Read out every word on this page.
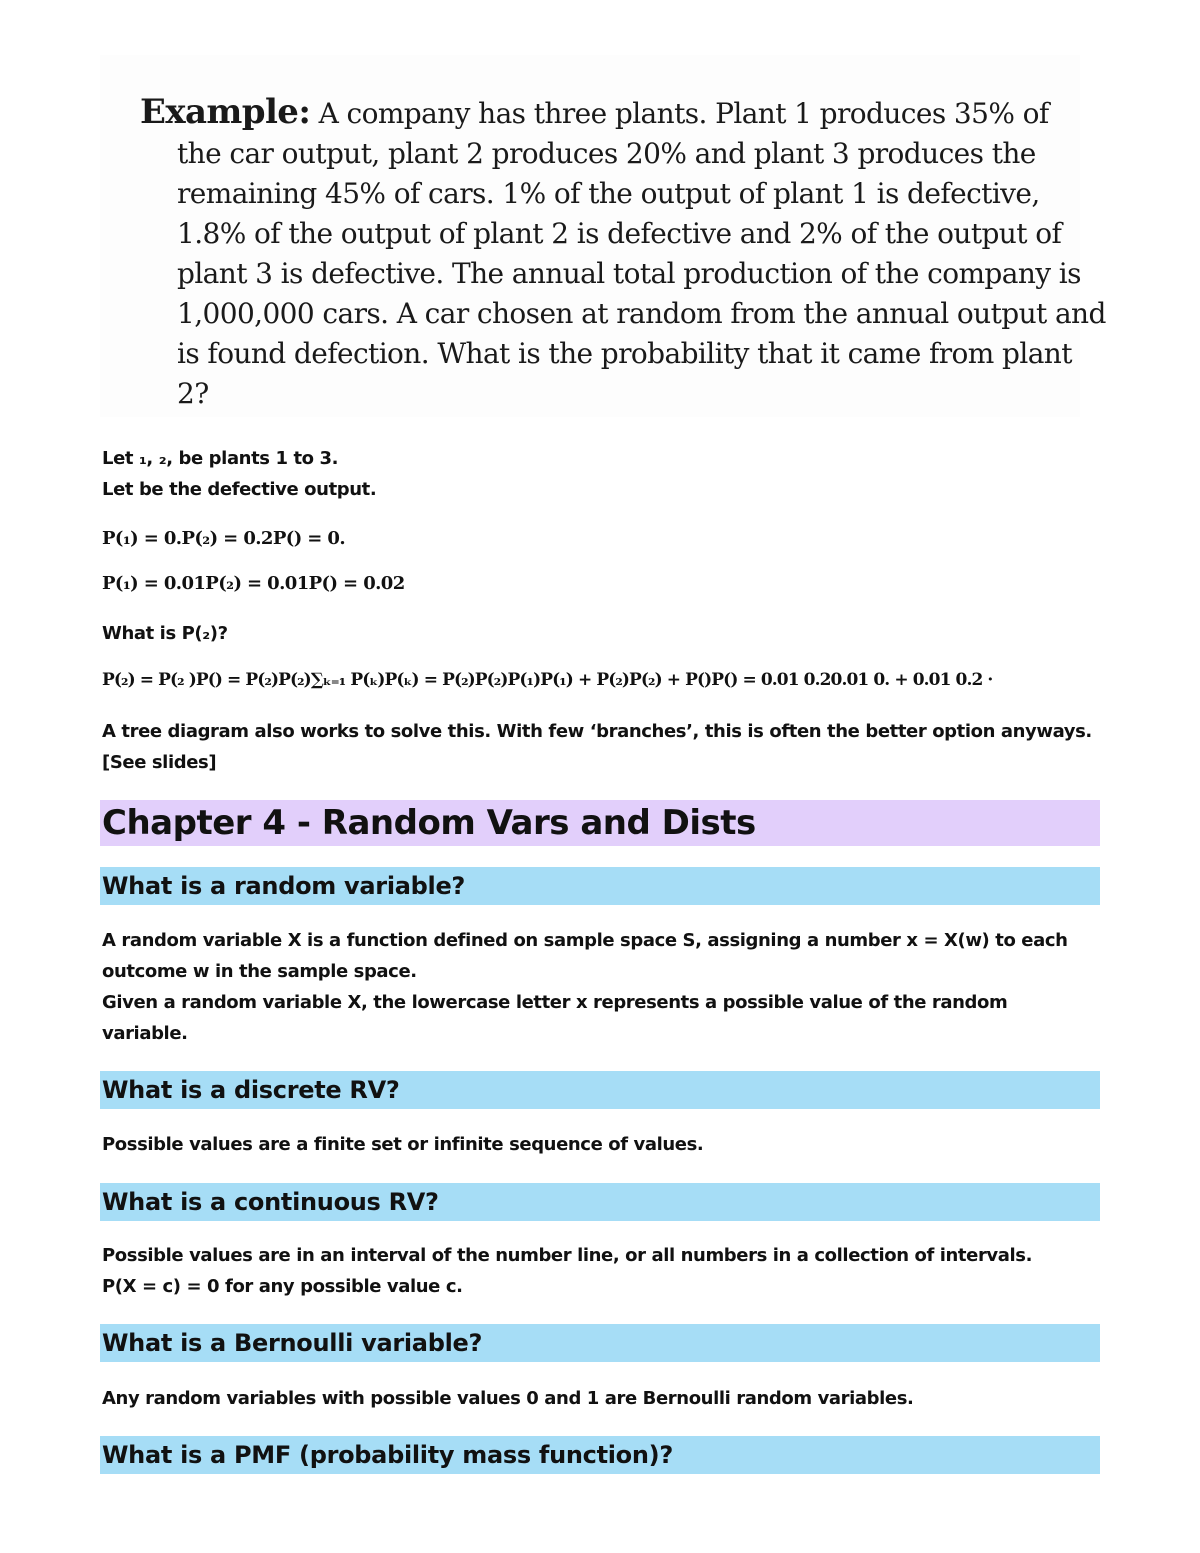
Example: A company has three plants. Plant 1 produces 35% of
the car output, plant 2 produces 20% and plant 3 produces the
remaining 45% of cars. 1% of the output of plant 1 is defective,
1.8% of the output of plant 2 is defective and 2% of the output of
plant 3 is defective. The annual total production of the company is
1,000,000 cars. A car chosen at random from the annual output and
is found defection. What is the probability that it came from plant
2?
Let ₁, ₂, be plants 1 to 3.
Let be the defective output.
P(₁) = 0.P(₂) = 0.2P() = 0.
P(₁) = 0.01P(₂) = 0.01P() = 0.02
What is P(₂)?
P(₂) = P(₂ )P() = P(₂)P(₂)∑ₖ₌₁ P(ₖ)P(ₖ) = P(₂)P(₂)P(₁)P(₁) + P(₂)P(₂) + P()P() = 0.01 0.20.01 0. + 0.01 0.2 ·
A tree diagram also works to solve this. With few ‘branches’, this is often the better option anyways.
[See slides]
Chapter 4 - Random Vars and Dists
What is a random variable?
A random variable X is a function defined on sample space S, assigning a number x = X(w) to each
outcome w in the sample space.
Given a random variable X, the lowercase letter x represents a possible value of the random
variable.
What is a discrete RV?
Possible values are a finite set or infinite sequence of values.
What is a continuous RV?
Possible values are in an interval of the number line, or all numbers in a collection of intervals.
P(X = c) = 0 for any possible value c.
What is a Bernoulli variable?
Any random variables with possible values 0 and 1 are Bernoulli random variables.
What is a PMF (probability mass function)?
